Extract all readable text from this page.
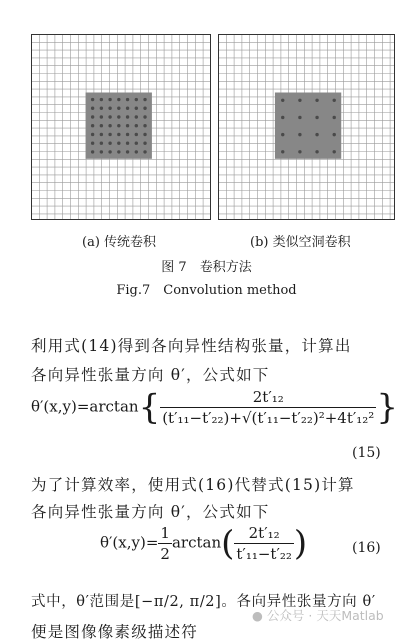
(a) 传统卷积	(b) 类似空洞卷积
图 7　卷积方法
Fig.7　Convolution method
利用式(14)得到各向异性结构张量，计算出
各向异性张量方向 θ′，公式如下
$\theta'(x,y)=\arctan\{ \frac{\text{2t′₁₂}}{\text{(t′₁₁−t′₂₂)+√(t′₁₁−t′₂₂)²+4t′₁₂²}}$ }
(15)
为了计算效率，使用式(16)代替式(15)计算
各向异性张量方向 θ′，公式如下
$\theta'(x,y)= \frac{1}{2} \arctan( \frac{\text{2t′₁₂}}{\text{t′₁₁−t′₂₂}}$ )	(16)
式中，θ′范围是[−π/2, π/2]。各向异性张量方向 θ′
便是图像像素级描述符
● 公众号 · 天天Matlab
